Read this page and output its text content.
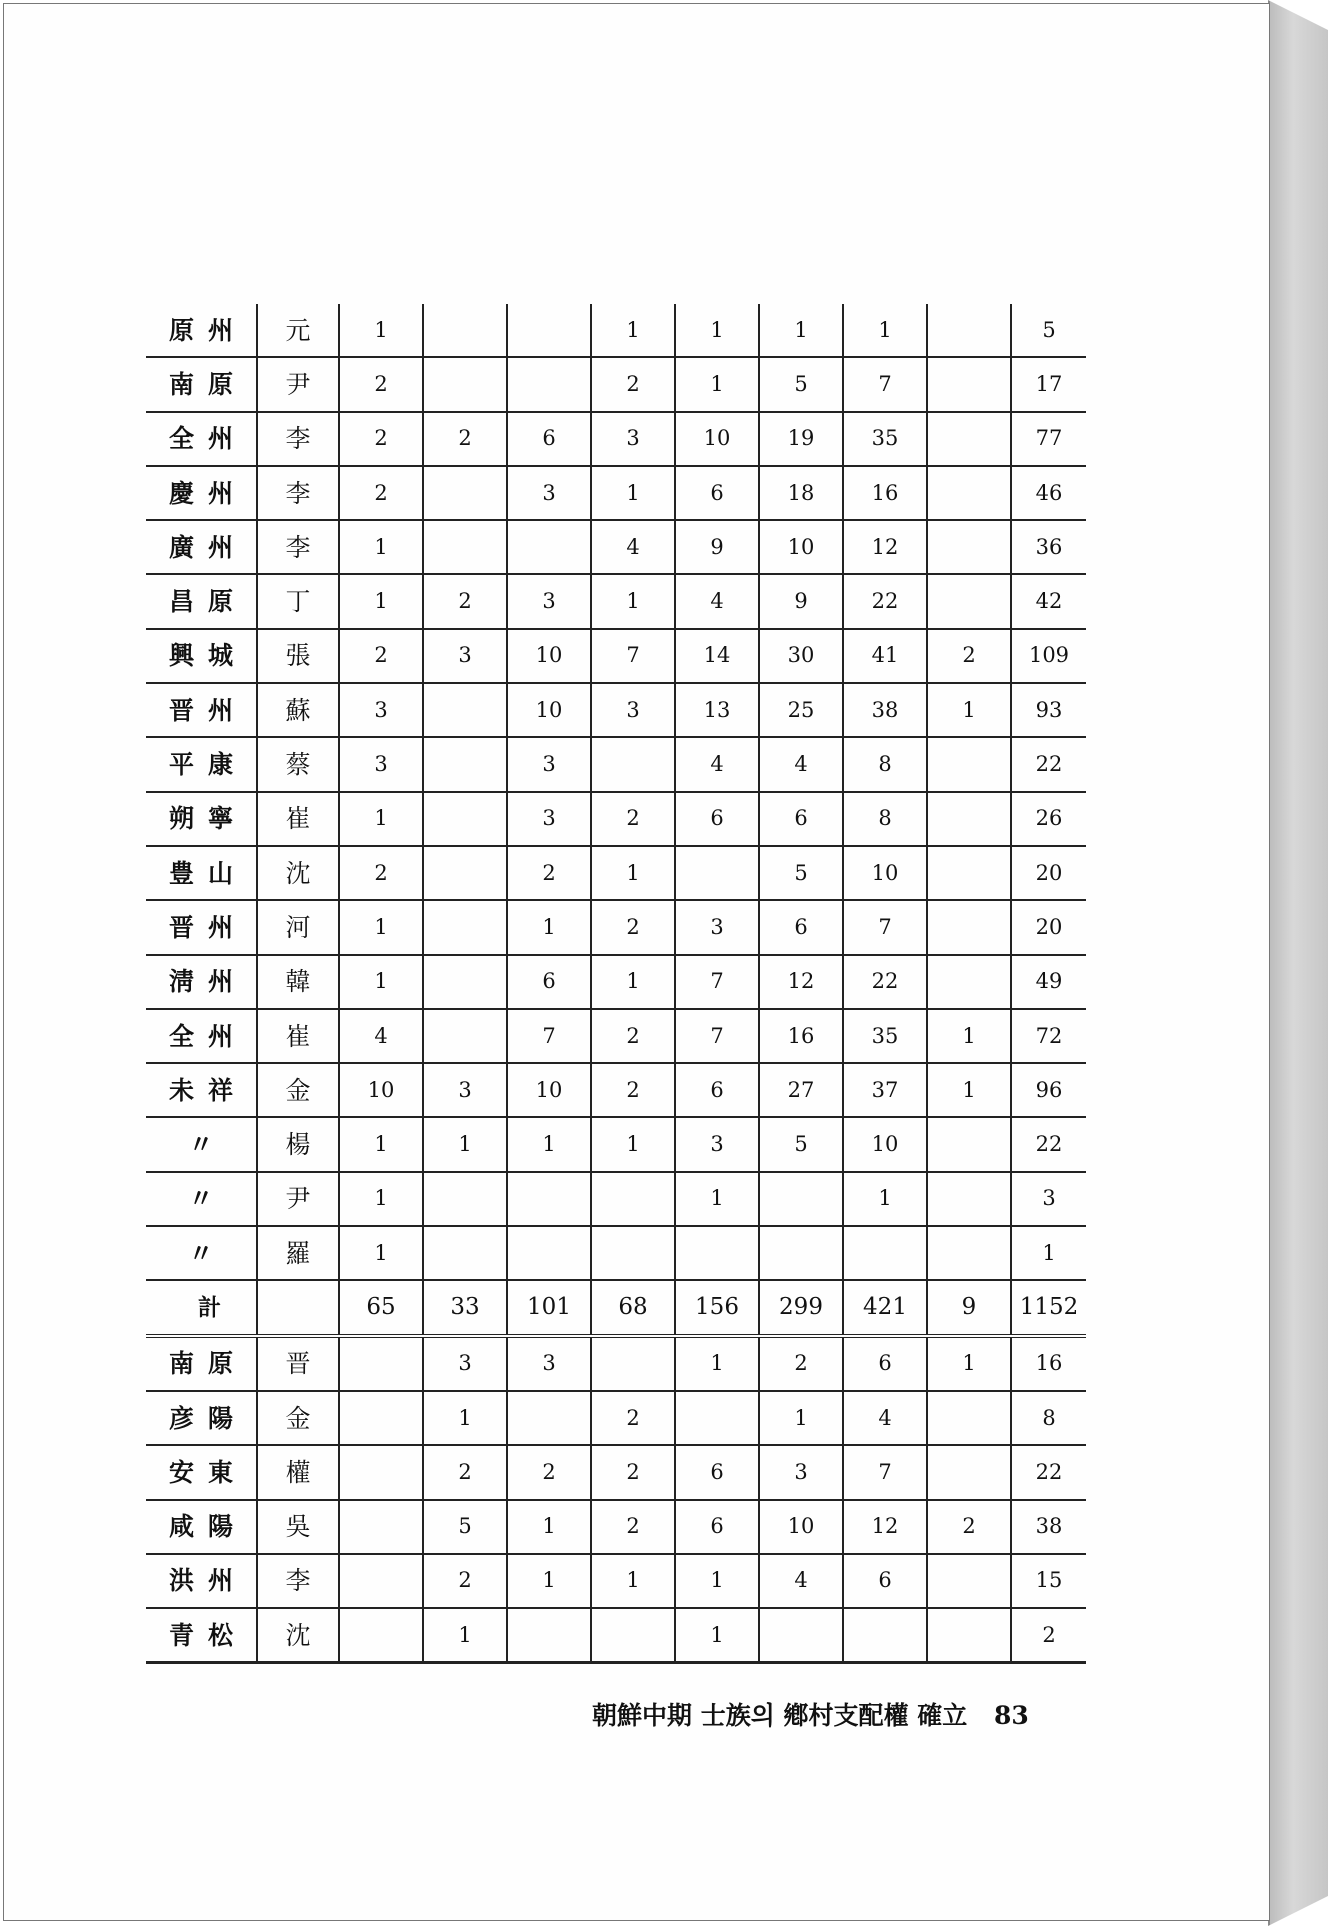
原州	元	1			1	1	1	1		5
南原	尹	2			2	1	5	7		17
全州	李	2	2	6	3	10	19	35		77
慶州	李	2		3	1	6	18	16		46
廣州	李	1			4	9	10	12		36
昌原	丁	1	2	3	1	4	9	22		42
興城	張	2	3	10	7	14	30	41	2	109
晋州	蘇	3		10	3	13	25	38	1	93
平康	蔡	3		3		4	4	8		22
朔寧	崔	1		3	2	6	6	8		26
豊山	沈	2		2	1		5	10		20
晋州	河	1		1	2	3	6	7		20
淸州	韓	1		6	1	7	12	22		49
全州	崔	4		7	2	7	16	35	1	72
未祥	金	10	3	10	2	6	27	37	1	96
〃	楊	1	1	1	1	3	5	10		22
〃	尹	1				1		1		3
〃	羅	1								1
計		65	33	101	68	156	299	421	9	1152
南原	晋		3	3		1	2	6	1	16
彦陽	金		1		2		1	4		8
安東	權		2	2	2	6	3	7		22
咸陽	吳		5	1	2	6	10	12	2	38
洪州	李		2	1	1	1	4	6		15
青松	沈		1			1				2
朝鮮中期 士族의 鄕村支配權 確立 83
